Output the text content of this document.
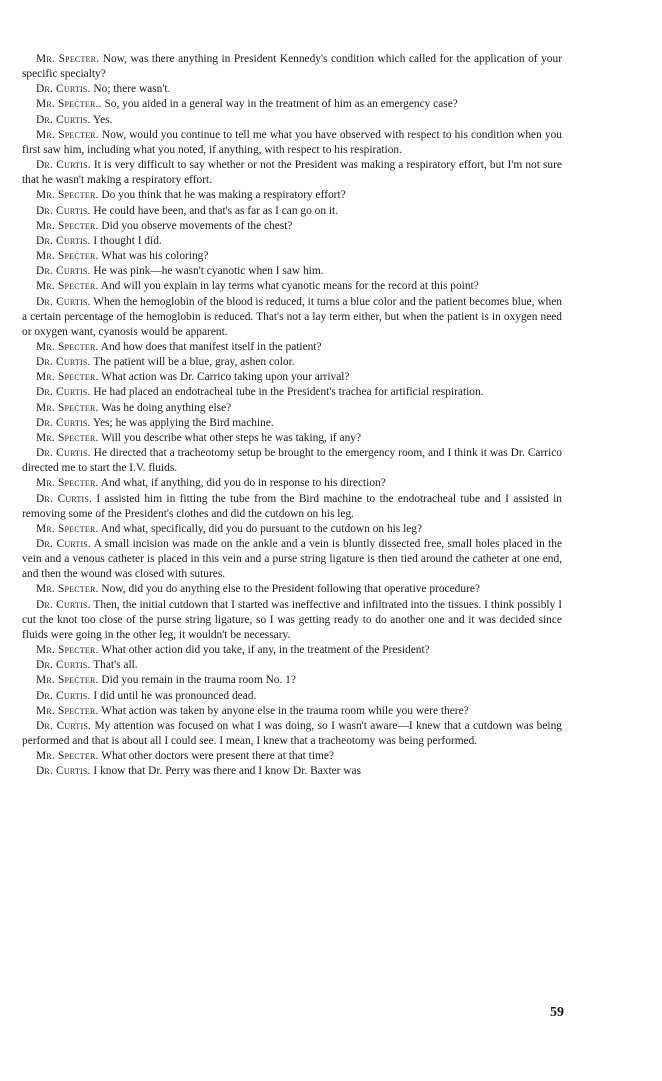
Mr. Specter. Now, was there anything in President Kennedy's condition which called for the application of your specific specialty?

Dr. Curtis. No; there wasn't.

Mr. Specter.. So, you aided in a general way in the treatment of him as an emergency case?

Dr. Curtis. Yes.

Mr. Specter. Now, would you continue to tell me what you have observed with respect to his condition when you first saw him, including what you noted, if anything, with respect to his respiration.

Dr. Curtis. It is very difficult to say whether or not the President was making a respiratory effort, but I'm not sure that he wasn't making a respiratory effort.

Mr. Specter. Do you think that he was making a respiratory effort?

Dr. Curtis. He could have been, and that's as far as I can go on it.

Mr. Specter. Did you observe movements of the chest?

Dr. Curtis. I thought I did.

Mr. Specter. What was his coloring?

Dr. Curtis. He was pink—he wasn't cyanotic when I saw him.

Mr. Specter. And will you explain in lay terms what cyanotic means for the record at this point?

Dr. Curtis. When the hemoglobin of the blood is reduced, it turns a blue color and the patient becomes blue, when a certain percentage of the hemoglobin is reduced. That's not a lay term either, but when the patient is in oxygen need or oxygen want, cyanosis would be apparent.

Mr. Specter. And how does that manifest itself in the patient?

Dr. Curtis. The patient will be a blue, gray, ashen color.

Mr. Specter. What action was Dr. Carrico taking upon your arrival?

Dr. Curtis. He had placed an endotracheal tube in the President's trachea for artificial respiration.

Mr. Specter. Was he doing anything else?

Dr. Curtis. Yes; he was applying the Bird machine.

Mr. Specter. Will you describe what other steps he was taking, if any?

Dr. Curtis. He directed that a tracheotomy setup be brought to the emergency room, and I think it was Dr. Carrico directed me to start the I.V. fluids.

Mr. Specter. And what, if anything, did you do in response to his direction?

Dr. Curtis. I assisted him in fitting the tube from the Bird machine to the endotracheal tube and I assisted in removing some of the President's clothes and did the cutdown on his leg.

Mr. Specter. And what, specifically, did you do pursuant to the cutdown on his leg?

Dr. Curtis. A small incision was made on the ankle and a vein is bluntly dissected free, small holes placed in the vein and a venous catheter is placed in this vein and a purse string ligature is then tied around the catheter at one end, and then the wound was closed with sutures.

Mr. Specter. Now, did you do anything else to the President following that operative procedure?

Dr. Curtis. Then, the initial cutdown that I started was ineffective and infiltrated into the tissues. I think possibly I cut the knot too close of the purse string ligature, so I was getting ready to do another one and it was decided since fluids were going in the other leg, it wouldn't be necessary.

Mr. Specter. What other action did you take, if any, in the treatment of the President?

Dr. Curtis. That's all.

Mr. Specter. Did you remain in the trauma room No. 1?

Dr. Curtis. I did until he was pronounced dead.

Mr. Specter. What action was taken by anyone else in the trauma room while you were there?

Dr. Curtis. My attention was focused on what I was doing, so I wasn't aware—I knew that a cutdown was being performed and that is about all I could see. I mean, I knew that a tracheotomy was being performed.

Mr. Specter. What other doctors were present there at that time?

Dr. Curtis. I know that Dr. Perry was there and I know Dr. Baxter was

59
